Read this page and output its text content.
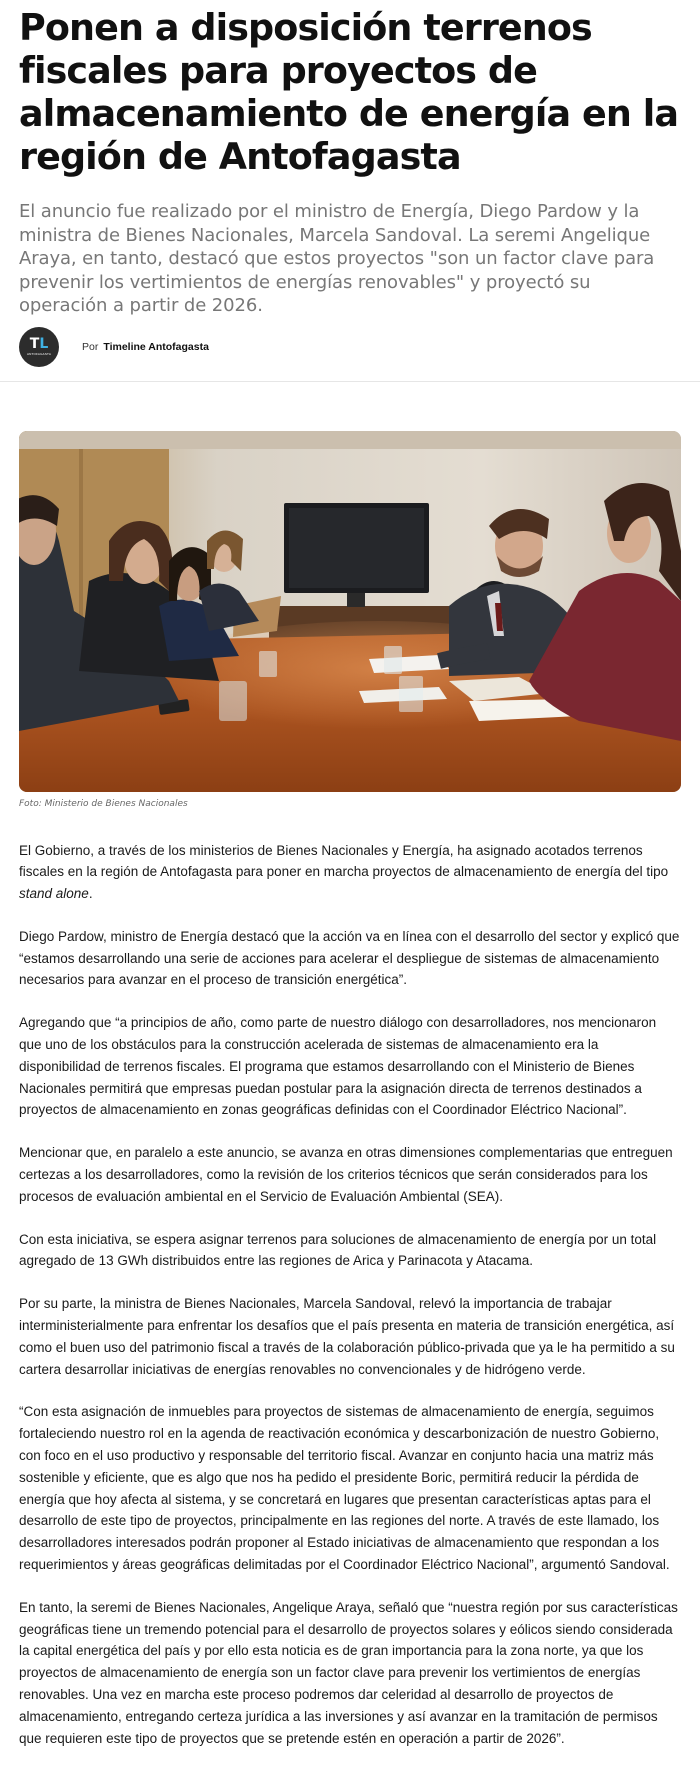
Ponen a disposición terrenos fiscales para proyectos de almacenamiento de energía en la región de Antofagasta

El anuncio fue realizado por el ministro de Energía, Diego Pardow y la ministra de Bienes Nacionales, Marcela Sandoval. La seremi Angelique Araya, en tanto, destacó que estos proyectos "son un factor clave para prevenir los vertimientos de energías renovables" y proyectó su operación a partir de 2026.

TL
ANTOFAGASTA
Por Timeline Antofagasta
Foto: Ministerio de Bienes Nacionales

El Gobierno, a través de los ministerios de Bienes Nacionales y Energía, ha asignado acotados terrenos fiscales en la región de Antofagasta para poner en marcha proyectos de almacenamiento de energía del tipo stand alone.

Diego Pardow, ministro de Energía destacó que la acción va en línea con el desarrollo del sector y explicó que “estamos desarrollando una serie de acciones para acelerar el despliegue de sistemas de almacenamiento necesarios para avanzar en el proceso de transición energética”.

Agregando que “a principios de año, como parte de nuestro diálogo con desarrolladores, nos mencionaron que uno de los obstáculos para la construcción acelerada de sistemas de almacenamiento era la disponibilidad de terrenos fiscales. El programa que estamos desarrollando con el Ministerio de Bienes Nacionales permitirá que empresas puedan postular para la asignación directa de terrenos destinados a proyectos de almacenamiento en zonas geográficas definidas con el Coordinador Eléctrico Nacional”.

Mencionar que, en paralelo a este anuncio, se avanza en otras dimensiones complementarias que entreguen certezas a los desarrolladores, como la revisión de los criterios técnicos que serán considerados para los procesos de evaluación ambiental en el Servicio de Evaluación Ambiental (SEA).

Con esta iniciativa, se espera asignar terrenos para soluciones de almacenamiento de energía por un total agregado de 13 GWh distribuidos entre las regiones de Arica y Parinacota y Atacama.

Por su parte, la ministra de Bienes Nacionales, Marcela Sandoval, relevó la importancia de trabajar interministerialmente para enfrentar los desafíos que el país presenta en materia de transición energética, así como el buen uso del patrimonio fiscal a través de la colaboración público-privada que ya le ha permitido a su cartera desarrollar iniciativas de energías renovables no convencionales y de hidrógeno verde.

“Con esta asignación de inmuebles para proyectos de sistemas de almacenamiento de energía, seguimos fortaleciendo nuestro rol en la agenda de reactivación económica y descarbonización de nuestro Gobierno, con foco en el uso productivo y responsable del territorio fiscal. Avanzar en conjunto hacia una matriz más sostenible y eficiente, que es algo que nos ha pedido el presidente Boric, permitirá reducir la pérdida de energía que hoy afecta al sistema, y se concretará en lugares que presentan características aptas para el desarrollo de este tipo de proyectos, principalmente en las regiones del norte. A través de este llamado, los desarrolladores interesados podrán proponer al Estado iniciativas de almacenamiento que respondan a los requerimientos y áreas geográficas delimitadas por el Coordinador Eléctrico Nacional”, argumentó Sandoval.

En tanto, la seremi de Bienes Nacionales, Angelique Araya, señaló que “nuestra región por sus características geográficas tiene un tremendo potencial para el desarrollo de proyectos solares y eólicos siendo considerada la capital energética del país y por ello esta noticia es de gran importancia para la zona norte, ya que los proyectos de almacenamiento de energía son un factor clave para prevenir los vertimientos de energías renovables. Una vez en marcha este proceso podremos dar celeridad al desarrollo de proyectos de almacenamiento, entregando certeza jurídica a las inversiones y así avanzar en la tramitación de permisos que requieren este tipo de proyectos que se pretende estén en operación a partir de 2026”.
